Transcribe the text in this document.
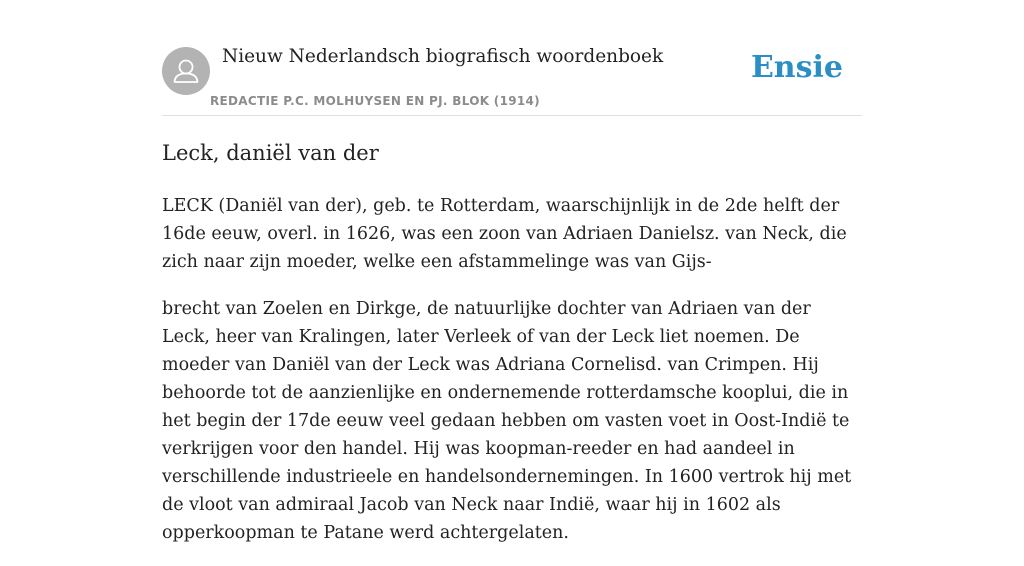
Nieuw Nederlandsch biografisch woordenboek
REDACTIE P.C. MOLHUYSEN EN PJ. BLOK (1914)
Ensie
Leck, daniël van der

LECK (Daniël van der), geb. te Rotterdam, waarschijnlijk in de 2de helft der 16de eeuw, overl. in 1626, was een zoon van Adriaen Danielsz. van Neck, die zich naar zijn moeder, welke een afstammelinge was van Gijs-

brecht van Zoelen en Dirkge, de natuurlijke dochter van Adriaen van der Leck, heer van Kralingen, later Verleek of van der Leck liet noemen. De moeder van Daniël van der Leck was Adriana Cornelisd. van Crimpen. Hij behoorde tot de aanzienlijke en ondernemende rotterdamsche kooplui, die in het begin der 17de eeuw veel gedaan hebben om vasten voet in Oost-Indië te verkrijgen voor den handel. Hij was koopman-reeder en had aandeel in verschillende industrieele en handelsondernemingen. In 1600 vertrok hij met de vloot van admiraal Jacob van Neck naar Indië, waar hij in 1602 als opperkoopman te Patane werd achtergelaten.
